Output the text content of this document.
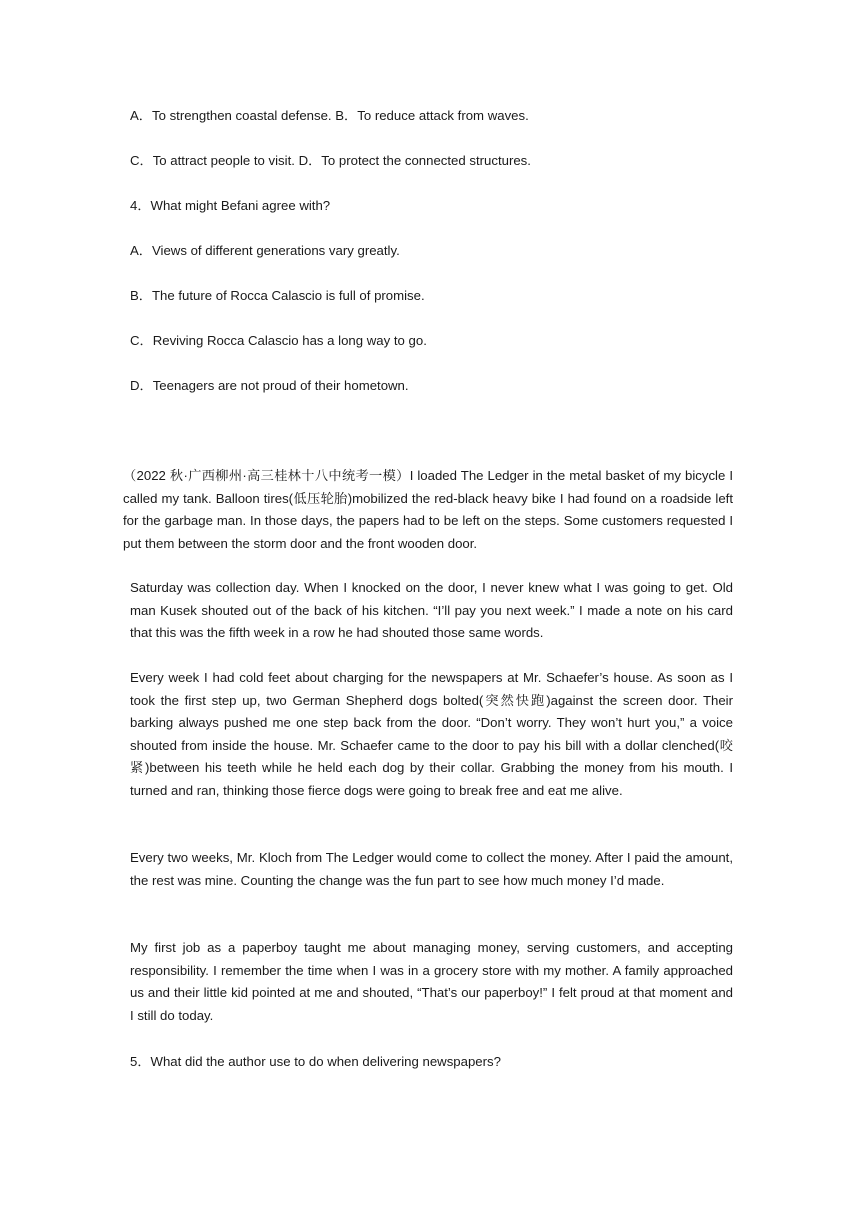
A．To strengthen coastal defense. B．To reduce attack from waves.
C．To attract people to visit. D．To protect the connected structures.
4．What might Befani agree with?
A．Views of different generations vary greatly.
B．The future of Rocca Calascio is full of promise.
C．Reviving Rocca Calascio has a long way to go.
D．Teenagers are not proud of their hometown.
（2022 秋·广西柳州·高三桂林十八中统考一模）I loaded The Ledger in the metal basket of my bicycle I called my tank. Balloon tires(低压轮胎)mobilized the red-black heavy bike I had found on a roadside left for the garbage man. In those days, the papers had to be left on the steps. Some customers requested I put them between the storm door and the front wooden door.
Saturday was collection day. When I knocked on the door, I never knew what I was going to get. Old man Kusek shouted out of the back of his kitchen. “I’ll pay you next week.” I made a note on his card that this was the fifth week in a row he had shouted those same words.
Every week I had cold feet about charging for the newspapers at Mr. Schaefer’s house. As soon as I took the first step up, two German Shepherd dogs bolted(突然快跑)against the screen door. Their barking always pushed me one step back from the door. “Don’t worry. They won’t hurt you,” a voice shouted from inside the house. Mr. Schaefer came to the door to pay his bill with a dollar clenched(咬紧)between his teeth while he held each dog by their collar. Grabbing the money from his mouth. I turned and ran, thinking those fierce dogs were going to break free and eat me alive.
Every two weeks, Mr. Kloch from The Ledger would come to collect the money. After I paid the amount, the rest was mine. Counting the change was the fun part to see how much money I’d made.
My first job as a paperboy taught me about managing money, serving customers, and accepting responsibility. I remember the time when I was in a grocery store with my mother. A family approached us and their little kid pointed at me and shouted, “That’s our paperboy!” I felt proud at that moment and I still do today.
5．What did the author use to do when delivering newspapers?
